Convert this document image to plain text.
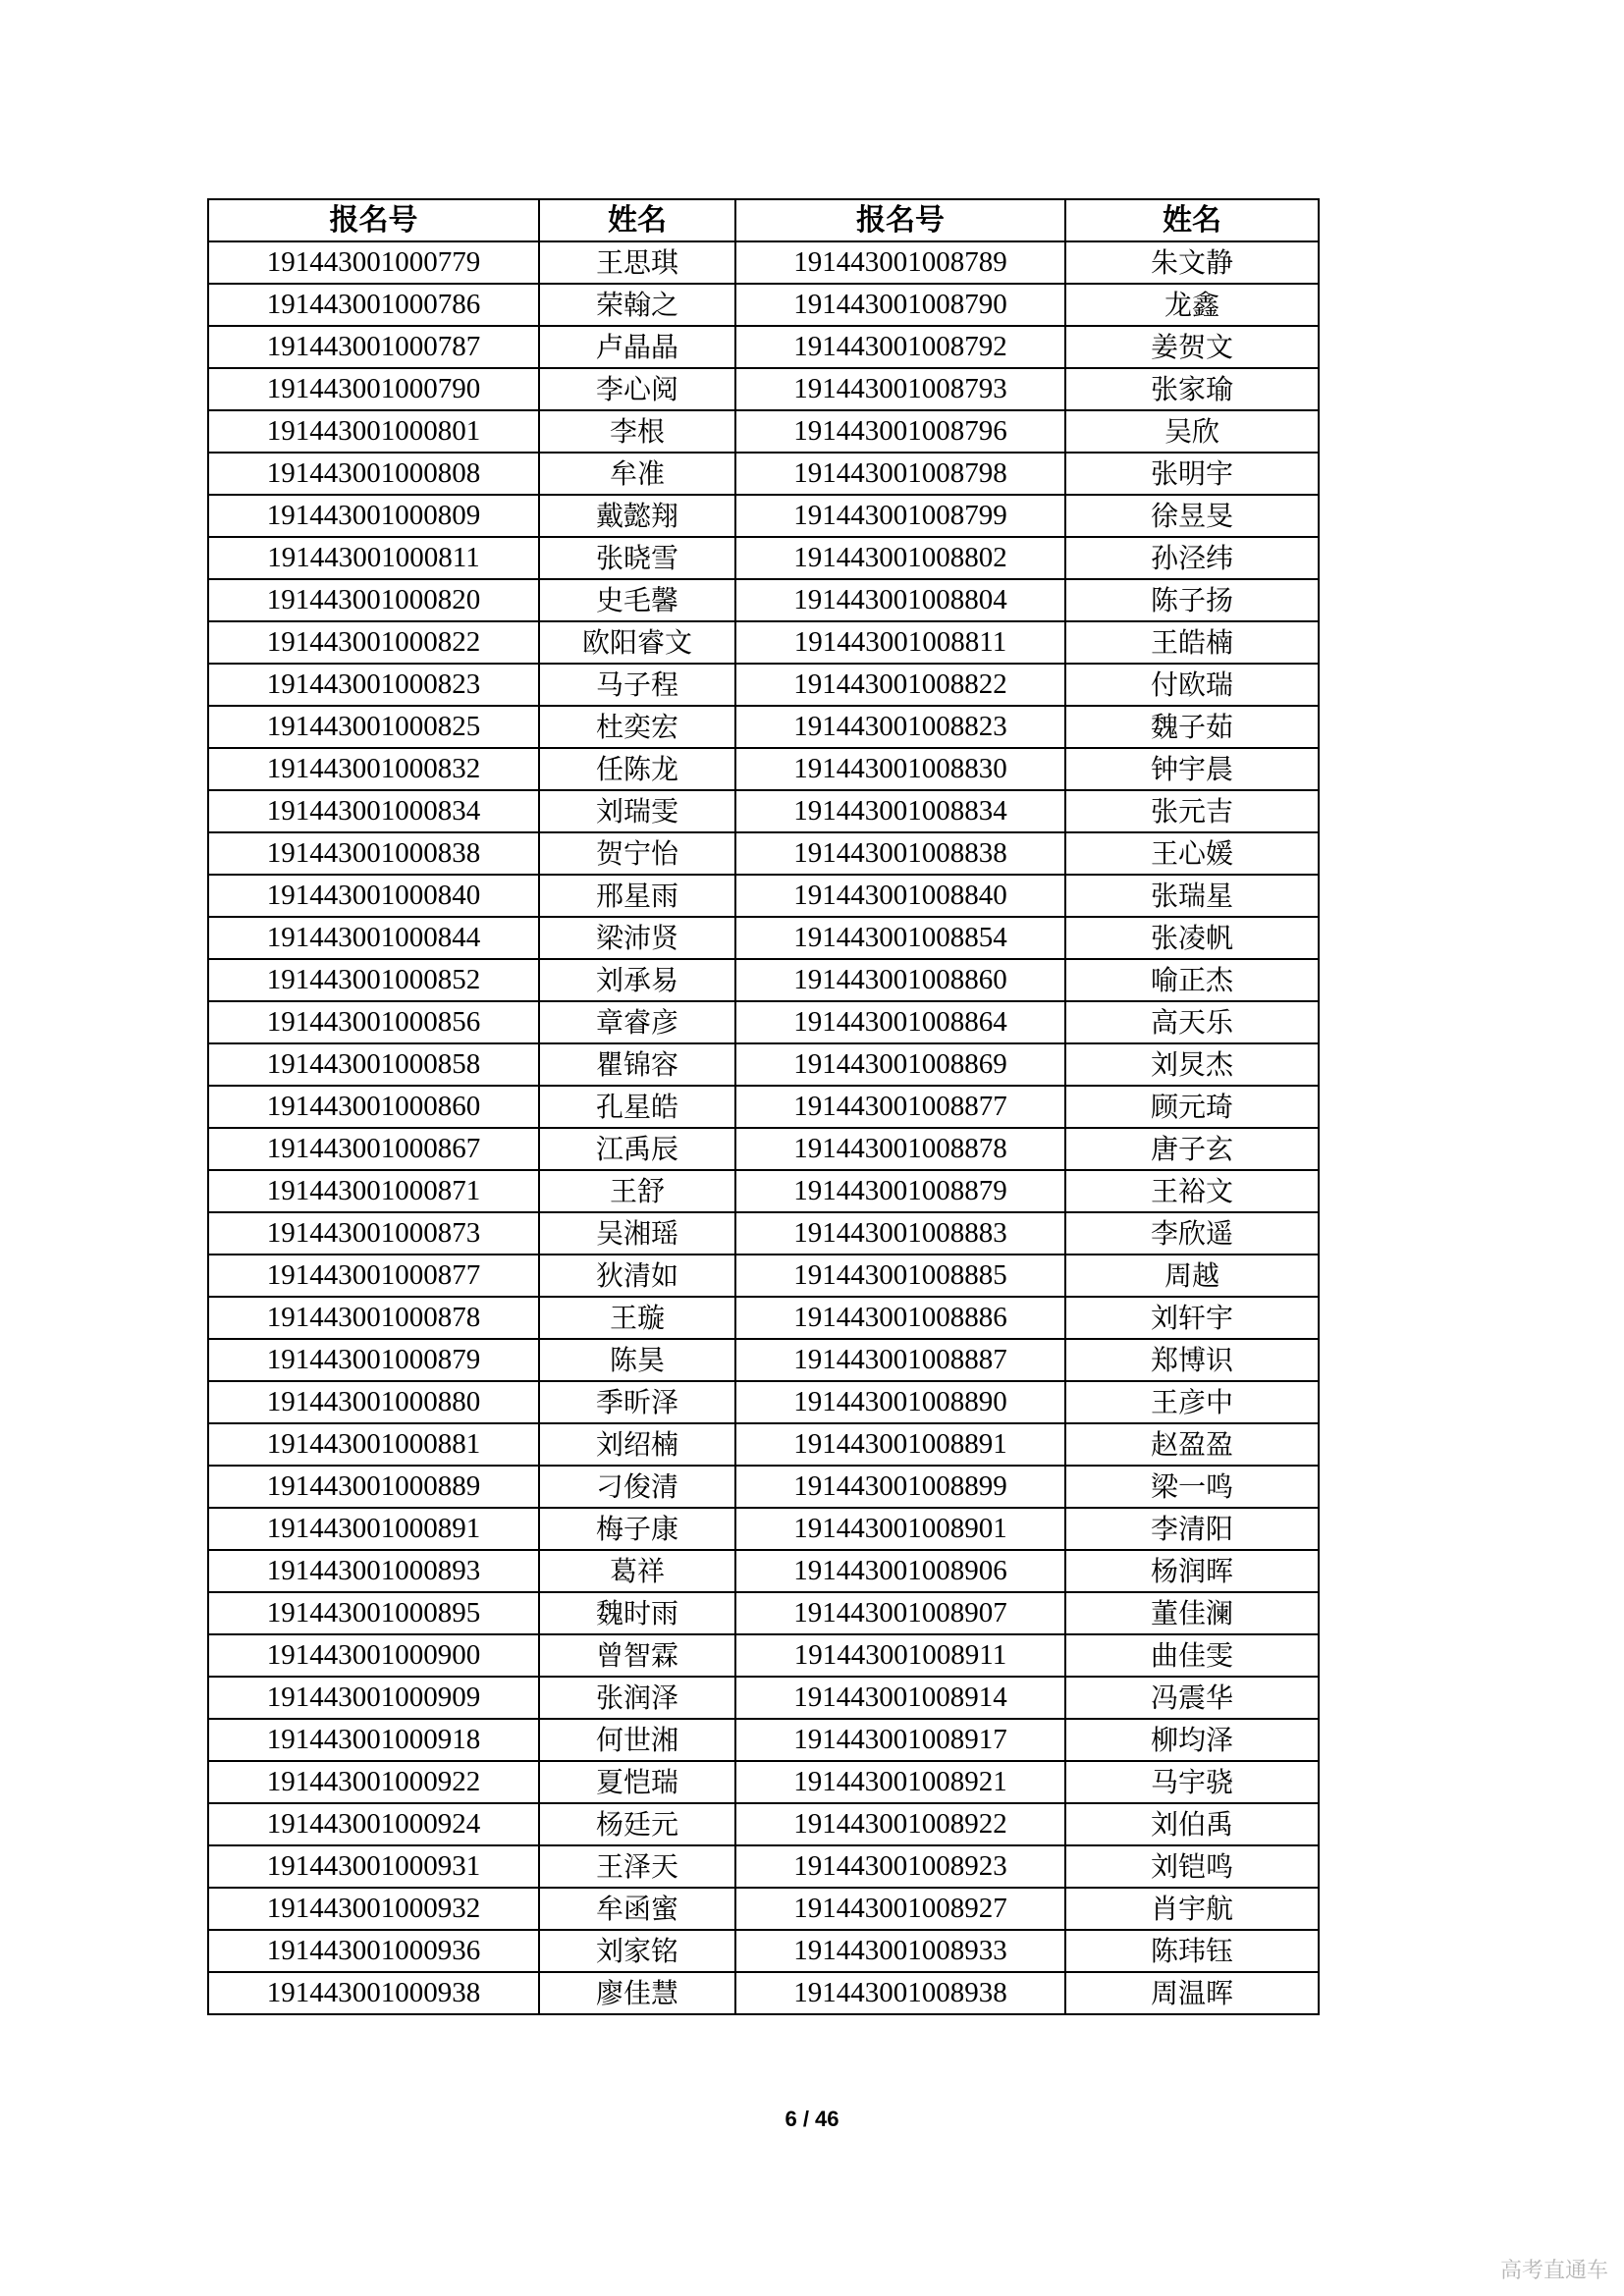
报名号	姓名	报名号	姓名
191443001000779	王思琪	191443001008789	朱文静
191443001000786	荣翰之	191443001008790	龙鑫
191443001000787	卢晶晶	191443001008792	姜贺文
191443001000790	李心阅	191443001008793	张家瑜
191443001000801	李根	191443001008796	吴欣
191443001000808	牟准	191443001008798	张明宇
191443001000809	戴懿翔	191443001008799	徐昱旻
191443001000811	张晓雪	191443001008802	孙泾纬
191443001000820	史毛馨	191443001008804	陈子扬
191443001000822	欧阳睿文	191443001008811	王皓楠
191443001000823	马子程	191443001008822	付欧瑞
191443001000825	杜奕宏	191443001008823	魏子茹
191443001000832	任陈龙	191443001008830	钟宇晨
191443001000834	刘瑞雯	191443001008834	张元吉
191443001000838	贺宁怡	191443001008838	王心媛
191443001000840	邢星雨	191443001008840	张瑞星
191443001000844	梁沛贤	191443001008854	张凌帆
191443001000852	刘承易	191443001008860	喻正杰
191443001000856	章睿彦	191443001008864	高天乐
191443001000858	瞿锦容	191443001008869	刘炅杰
191443001000860	孔星皓	191443001008877	顾元琦
191443001000867	江禹辰	191443001008878	唐子玄
191443001000871	王舒	191443001008879	王裕文
191443001000873	吴湘瑶	191443001008883	李欣遥
191443001000877	狄清如	191443001008885	周越
191443001000878	王璇	191443001008886	刘轩宇
191443001000879	陈昊	191443001008887	郑博识
191443001000880	季昕泽	191443001008890	王彦中
191443001000881	刘绍楠	191443001008891	赵盈盈
191443001000889	刁俊清	191443001008899	梁一鸣
191443001000891	梅子康	191443001008901	李清阳
191443001000893	葛祥	191443001008906	杨润晖
191443001000895	魏时雨	191443001008907	董佳澜
191443001000900	曾智霖	191443001008911	曲佳雯
191443001000909	张润泽	191443001008914	冯震华
191443001000918	何世湘	191443001008917	柳均泽
191443001000922	夏恺瑞	191443001008921	马宇骁
191443001000924	杨廷元	191443001008922	刘伯禹
191443001000931	王泽天	191443001008923	刘铠鸣
191443001000932	牟函蜜	191443001008927	肖宇航
191443001000936	刘家铭	191443001008933	陈玮钰
191443001000938	廖佳慧	191443001008938	周温晖
6 / 46
高考直通车
